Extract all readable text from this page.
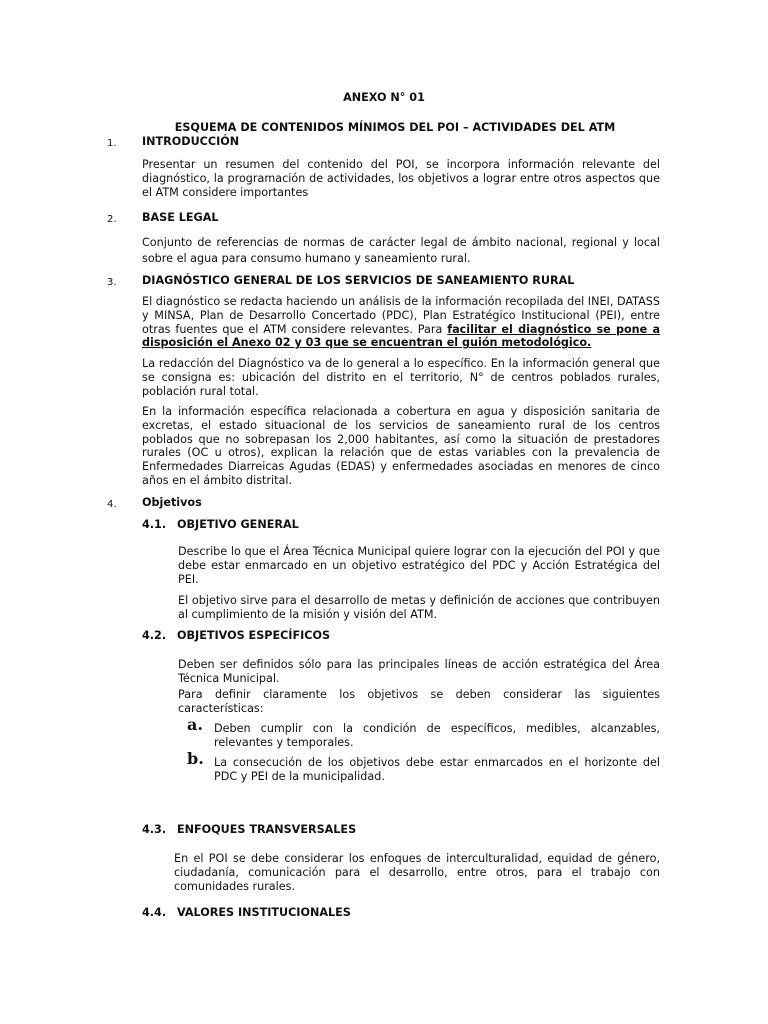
ANEXO N° 01
ESQUEMA DE CONTENIDOS MÍNIMOS DEL POI – ACTIVIDADES DEL ATM
1. INTRODUCCIÓN

Presentar un resumen del contenido del POI, se incorpora información relevante del diagnóstico, la programación de actividades, los objetivos a lograr entre otros aspectos que el ATM considere importantes

2. BASE LEGAL

Conjunto de referencias de normas de carácter legal de ámbito nacional, regional y local sobre el agua para consumo humano y saneamiento rural.

3. DIAGNÓSTICO GENERAL DE LOS SERVICIOS DE SANEAMIENTO RURAL

El diagnóstico se redacta haciendo un análisis de la información recopilada del INEI, DATASS y MINSA, Plan de Desarrollo Concertado (PDC), Plan Estratégico Institucional (PEI), entre otras fuentes que el ATM considere relevantes. Para facilitar el diagnóstico se pone a disposición el Anexo 02 y 03 que se encuentran el guión metodológico.

La redacción del Diagnóstico va de lo general a lo específico. En la información general que se consigna es: ubicación del distrito en el territorio, N° de centros poblados rurales, población rural total.

En la información específica relacionada a cobertura en agua y disposición sanitaria de excretas, el estado situacional de los servicios de saneamiento rural de los centros poblados que no sobrepasan los 2,000 habitantes, así como la situación de prestadores rurales (OC u otros), explican la relación que de estas variables con la prevalencia de Enfermedades Diarreicas Agudas (EDAS) y enfermedades asociadas en menores de cinco años en el ámbito distrital.

4. Objetivos
4.1. OBJETIVO GENERAL

Describe lo que el Área Técnica Municipal quiere lograr con la ejecución del POI y que debe estar enmarcado en un objetivo estratégico del PDC y Acción Estratégica del PEI.

El objetivo sirve para el desarrollo de metas y definición de acciones que contribuyen al cumplimiento de la misión y visión del ATM.

4.2. OBJETIVOS ESPECÍFICOS

Deben ser definidos sólo para las principales líneas de acción estratégica del Área Técnica Municipal.

Para definir claramente los objetivos se deben considerar las siguientes características:

a. Deben cumplir con la condición de específicos, medibles, alcanzables, relevantes y temporales.

b. La consecución de los objetivos debe estar enmarcados en el horizonte del PDC y PEI de la municipalidad.

4.3. ENFOQUES TRANSVERSALES

En el POI se debe considerar los enfoques de interculturalidad, equidad de género, ciudadanía, comunicación para el desarrollo, entre otros, para el trabajo con comunidades rurales.

4.4. VALORES INSTITUCIONALES
